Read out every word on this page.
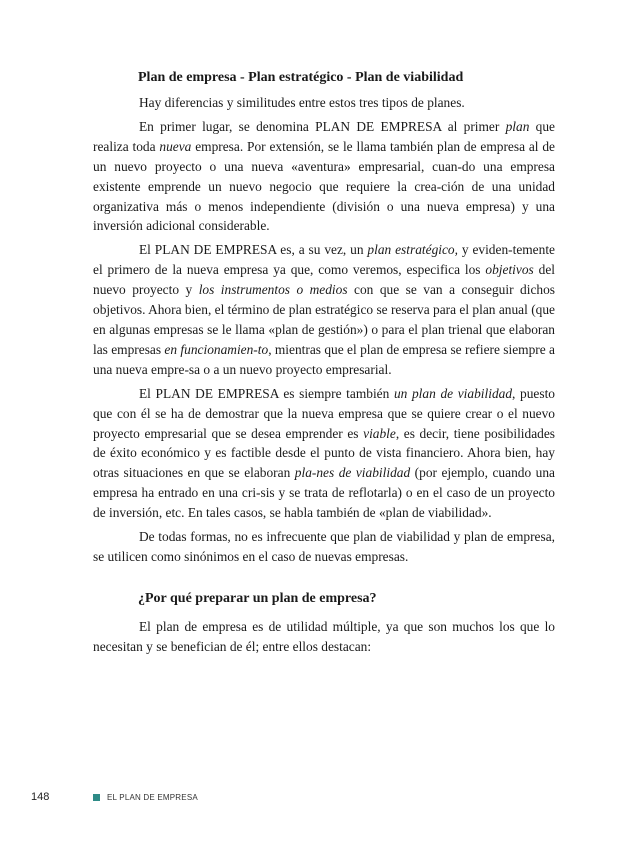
Plan de empresa - Plan estratégico - Plan de viabilidad

Hay diferencias y similitudes entre estos tres tipos de planes.

En primer lugar, se denomina PLAN DE EMPRESA al primer plan que realiza toda nueva empresa. Por extensión, se le llama también plan de empresa al de un nuevo proyecto o una nueva «aventura» empresarial, cuan-do una empresa existente emprende un nuevo negocio que requiere la crea-ción de una unidad organizativa más o menos independiente (división o una nueva empresa) y una inversión adicional considerable.

El PLAN DE EMPRESA es, a su vez, un plan estratégico, y eviden-temente el primero de la nueva empresa ya que, como veremos, especifica los objetivos del nuevo proyecto y los instrumentos o medios con que se van a conseguir dichos objetivos. Ahora bien, el término de plan estratégico se reserva para el plan anual (que en algunas empresas se le llama «plan de gestión») o para el plan trienal que elaboran las empresas en funcionamien-to, mientras que el plan de empresa se refiere siempre a una nueva empre-sa o a un nuevo proyecto empresarial.

El PLAN DE EMPRESA es siempre también un plan de viabilidad, puesto que con él se ha de demostrar que la nueva empresa que se quiere crear o el nuevo proyecto empresarial que se desea emprender es viable, es decir, tiene posibilidades de éxito económico y es factible desde el punto de vista financiero. Ahora bien, hay otras situaciones en que se elaboran pla-nes de viabilidad (por ejemplo, cuando una empresa ha entrado en una cri-sis y se trata de reflotarla) o en el caso de un proyecto de inversión, etc. En tales casos, se habla también de «plan de viabilidad».

De todas formas, no es infrecuente que plan de viabilidad y plan de empresa, se utilicen como sinónimos en el caso de nuevas empresas.

¿Por qué preparar un plan de empresa?

El plan de empresa es de utilidad múltiple, ya que son muchos los que lo necesitan y se benefician de él; entre ellos destacan:

148	EL PLAN DE EMPRESA
